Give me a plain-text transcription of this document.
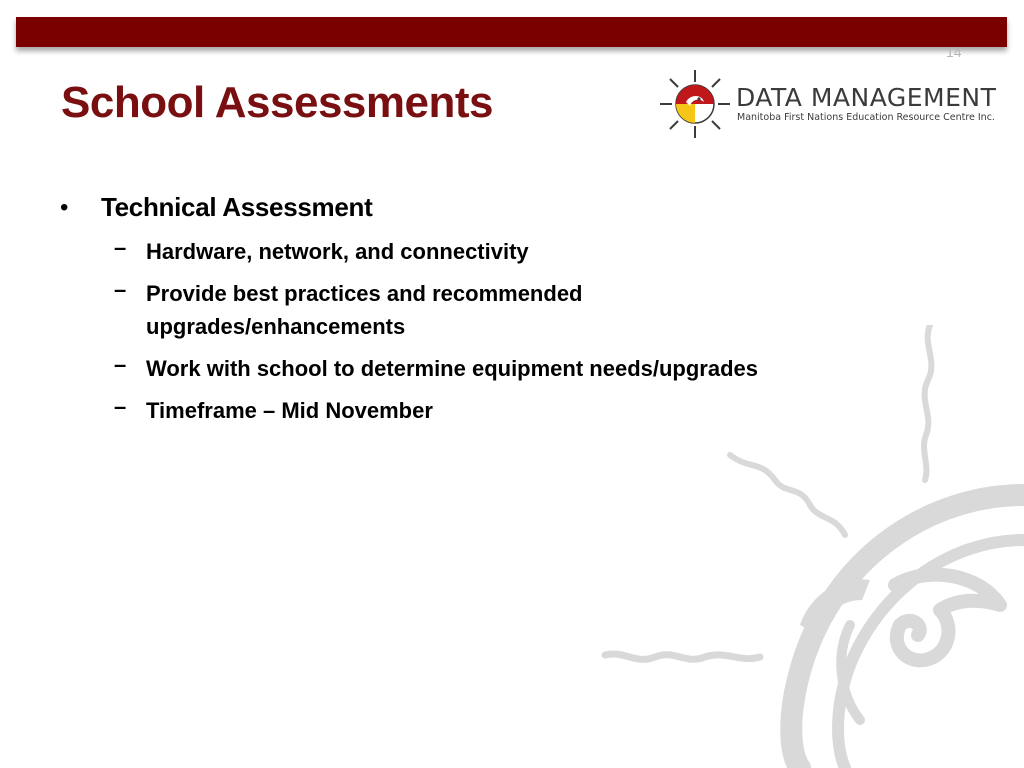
14
School Assessments	DATA MANAGEMENT
Manitoba First Nations Education Resource Centre Inc.
• Technical Assessment
– Hardware, network, and connectivity
– Provide best practices and recommended upgrades/enhancements
– Work with school to determine equipment needs/upgrades
– Timeframe – Mid November
